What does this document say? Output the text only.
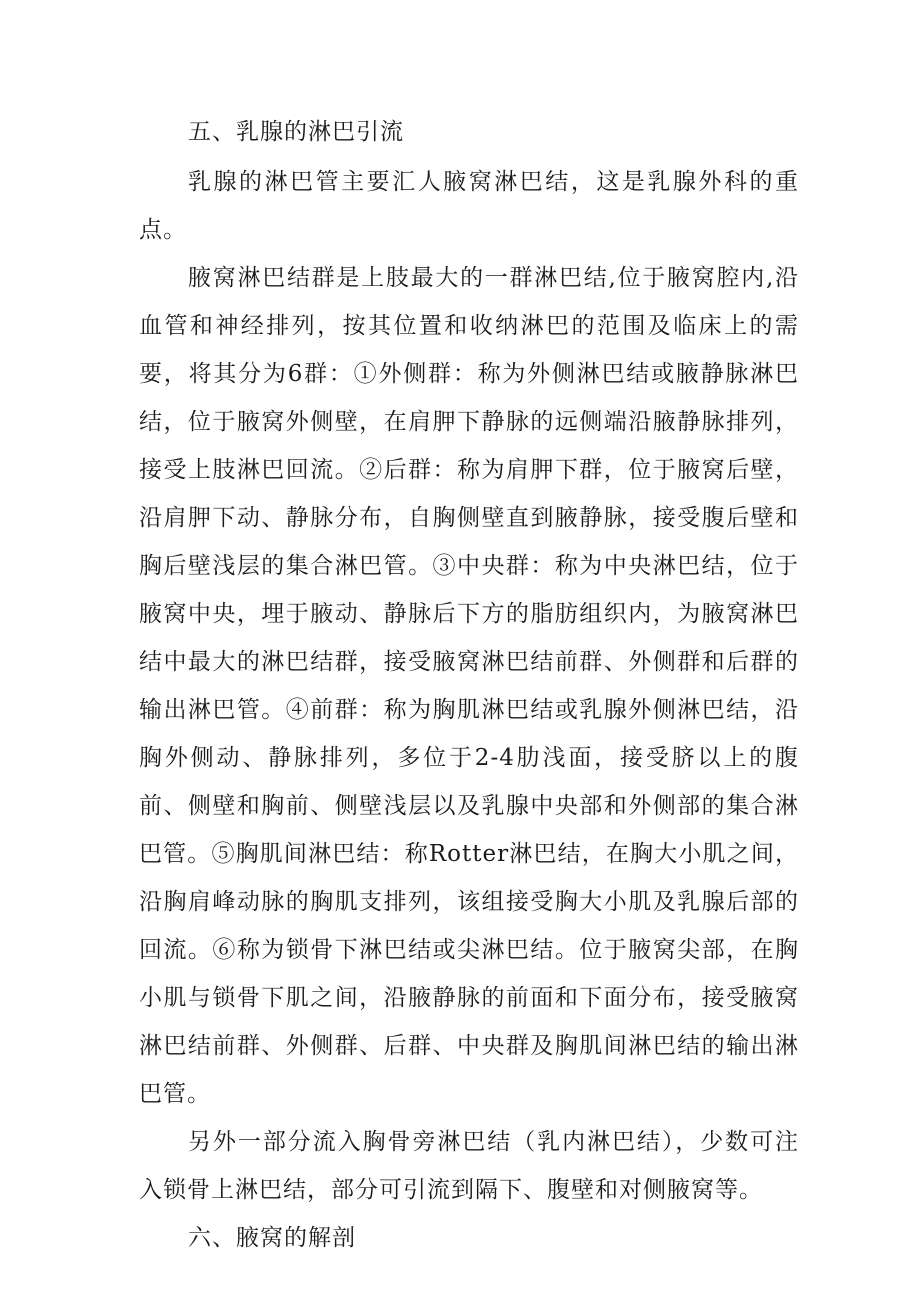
五、乳腺的淋巴引流

乳腺的淋巴管主要汇人腋窝淋巴结，这是乳腺外科的重点。

腋窝淋巴结群是上肢最大的一群淋巴结,位于腋窝腔内,沿血管和神经排列，按其位置和收纳淋巴的范围及临床上的需要，将其分为6群：①外侧群：称为外侧淋巴结或腋静脉淋巴结，位于腋窝外侧壁，在肩胛下静脉的远侧端沿腋静脉排列，接受上肢淋巴回流。②后群：称为肩胛下群，位于腋窝后壁，沿肩胛下动、静脉分布，自胸侧壁直到腋静脉，接受腹后壁和胸后壁浅层的集合淋巴管。③中央群：称为中央淋巴结，位于腋窝中央，埋于腋动、静脉后下方的脂肪组织内，为腋窝淋巴结中最大的淋巴结群，接受腋窝淋巴结前群、外侧群和后群的输出淋巴管。④前群：称为胸肌淋巴结或乳腺外侧淋巴结，沿胸外侧动、静脉排列，多位于2-4肋浅面，接受脐以上的腹前、侧壁和胸前、侧壁浅层以及乳腺中央部和外侧部的集合淋巴管。⑤胸肌间淋巴结：称Rotter淋巴结，在胸大小肌之间，沿胸肩峰动脉的胸肌支排列，该组接受胸大小肌及乳腺后部的回流。⑥称为锁骨下淋巴结或尖淋巴结。位于腋窝尖部，在胸小肌与锁骨下肌之间，沿腋静脉的前面和下面分布，接受腋窝淋巴结前群、外侧群、后群、中央群及胸肌间淋巴结的输出淋巴管。

另外一部分流入胸骨旁淋巴结（乳内淋巴结），少数可注入锁骨上淋巴结，部分可引流到隔下、腹壁和对侧腋窝等。

六、腋窝的解剖
